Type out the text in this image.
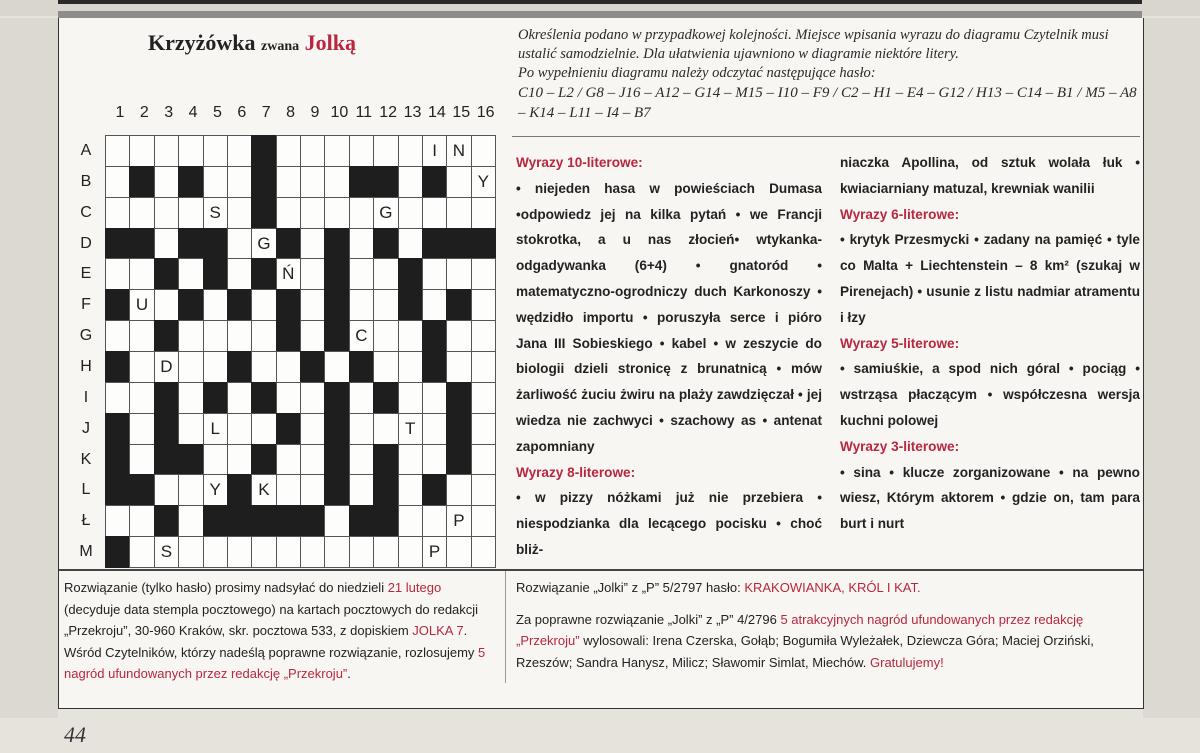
Krzyżówka zwana Jolką
1 2 3 4 5 6 7 8 9 10 11 12 13 14 15 16
A
B
C
D
E
F
G
H
I
J
K
L
Ł
M
I N
Y
S	G
G
Ń
U
C
D
L	T
Y	K
P
S	P

Określenia podano w przypadkowej kolejności. Miejsce wpisania wyrazu do diagramu Czytelnik musi ustalić samodzielnie. Dla ułatwienia ujawniono w diagramie niektóre litery.

Po wypełnieniu diagramu należy odczytać następujące hasło:

C10 – L2 / G8 – J16 – A12 – G14 – M15 – I10 – F9 / C2 – H1 – E4 – G12 / H13 – C14 – B1 / M5 – A8 – K14 – L11 – I4 – B7

Wyrazy 10-literowe:

• niejeden hasa w powieściach Dumasa •odpowiedz jej na kilka pytań • we Francji stokrotka, a u nas złocień• wtykanka-odgadywanka (6+4) • gnatoród • matematyczno-ogrodniczy duch Karkonoszy • wędzidło importu • poruszyła serce i pióro Jana III Sobieskiego • kabel • w zeszycie do biologii dzieli stronicę z brunatnicą • mów żarliwość żuciu żwiru na plaży zawdzięczał • jej wiedza nie zachwyci • szachowy as • antenat zapomniany

Wyrazy 8-literowe:

• w pizzy nóżkami już nie przebiera • niespodzianka dla lecącego pocisku • choć bliż-

niaczka Apollina, od sztuk wolała łuk • kwiaciarniany matuzal, krewniak wanilii

Wyrazy 6-literowe:

• krytyk Przesmycki • zadany na pamięć • tyle co Malta + Liechtenstein – 8 km² (szukaj w Pirenejach) • usunie z listu nadmiar atramentu i łzy

Wyrazy 5-literowe:

• samiuśkie, a spod nich góral • pociąg • wstrząsa płaczącym • współczesna wersja kuchni polowej

Wyrazy 3-literowe:

• sina • klucze zorganizowane • na pewno wiesz, Którym aktorem • gdzie on, tam para burt i nurt

Rozwiązanie (tylko hasło) prosimy nadsyłać do niedzieli 21 lutego (decyduje data stempla pocztowego) na kartach pocztowych do redakcji „Przekroju”, 30-960 Kraków, skr. pocztowa 533, z dopiskiem JOLKA 7. Wśród Czytelników, którzy nadeślą poprawne rozwiązanie, rozlosujemy 5 nagród ufundowanych przez redakcję „Przekroju”.

Rozwiązanie „Jolki” z „P” 5/2797 hasło: KRAKOWIANKA, KRÓL I KAT.

Za poprawne rozwiązanie „Jolki” z „P” 4/2796 5 atrakcyjnych nagród ufundowanych przez redakcję „Przekroju” wylosowali: Irena Czerska, Gołąb; Bogumiła Wyleżałek, Dziewcza Góra; Maciej Orziński, Rzeszów; Sandra Hanysz, Milicz; Sławomir Simlat, Miechów. Gratulujemy!

44
